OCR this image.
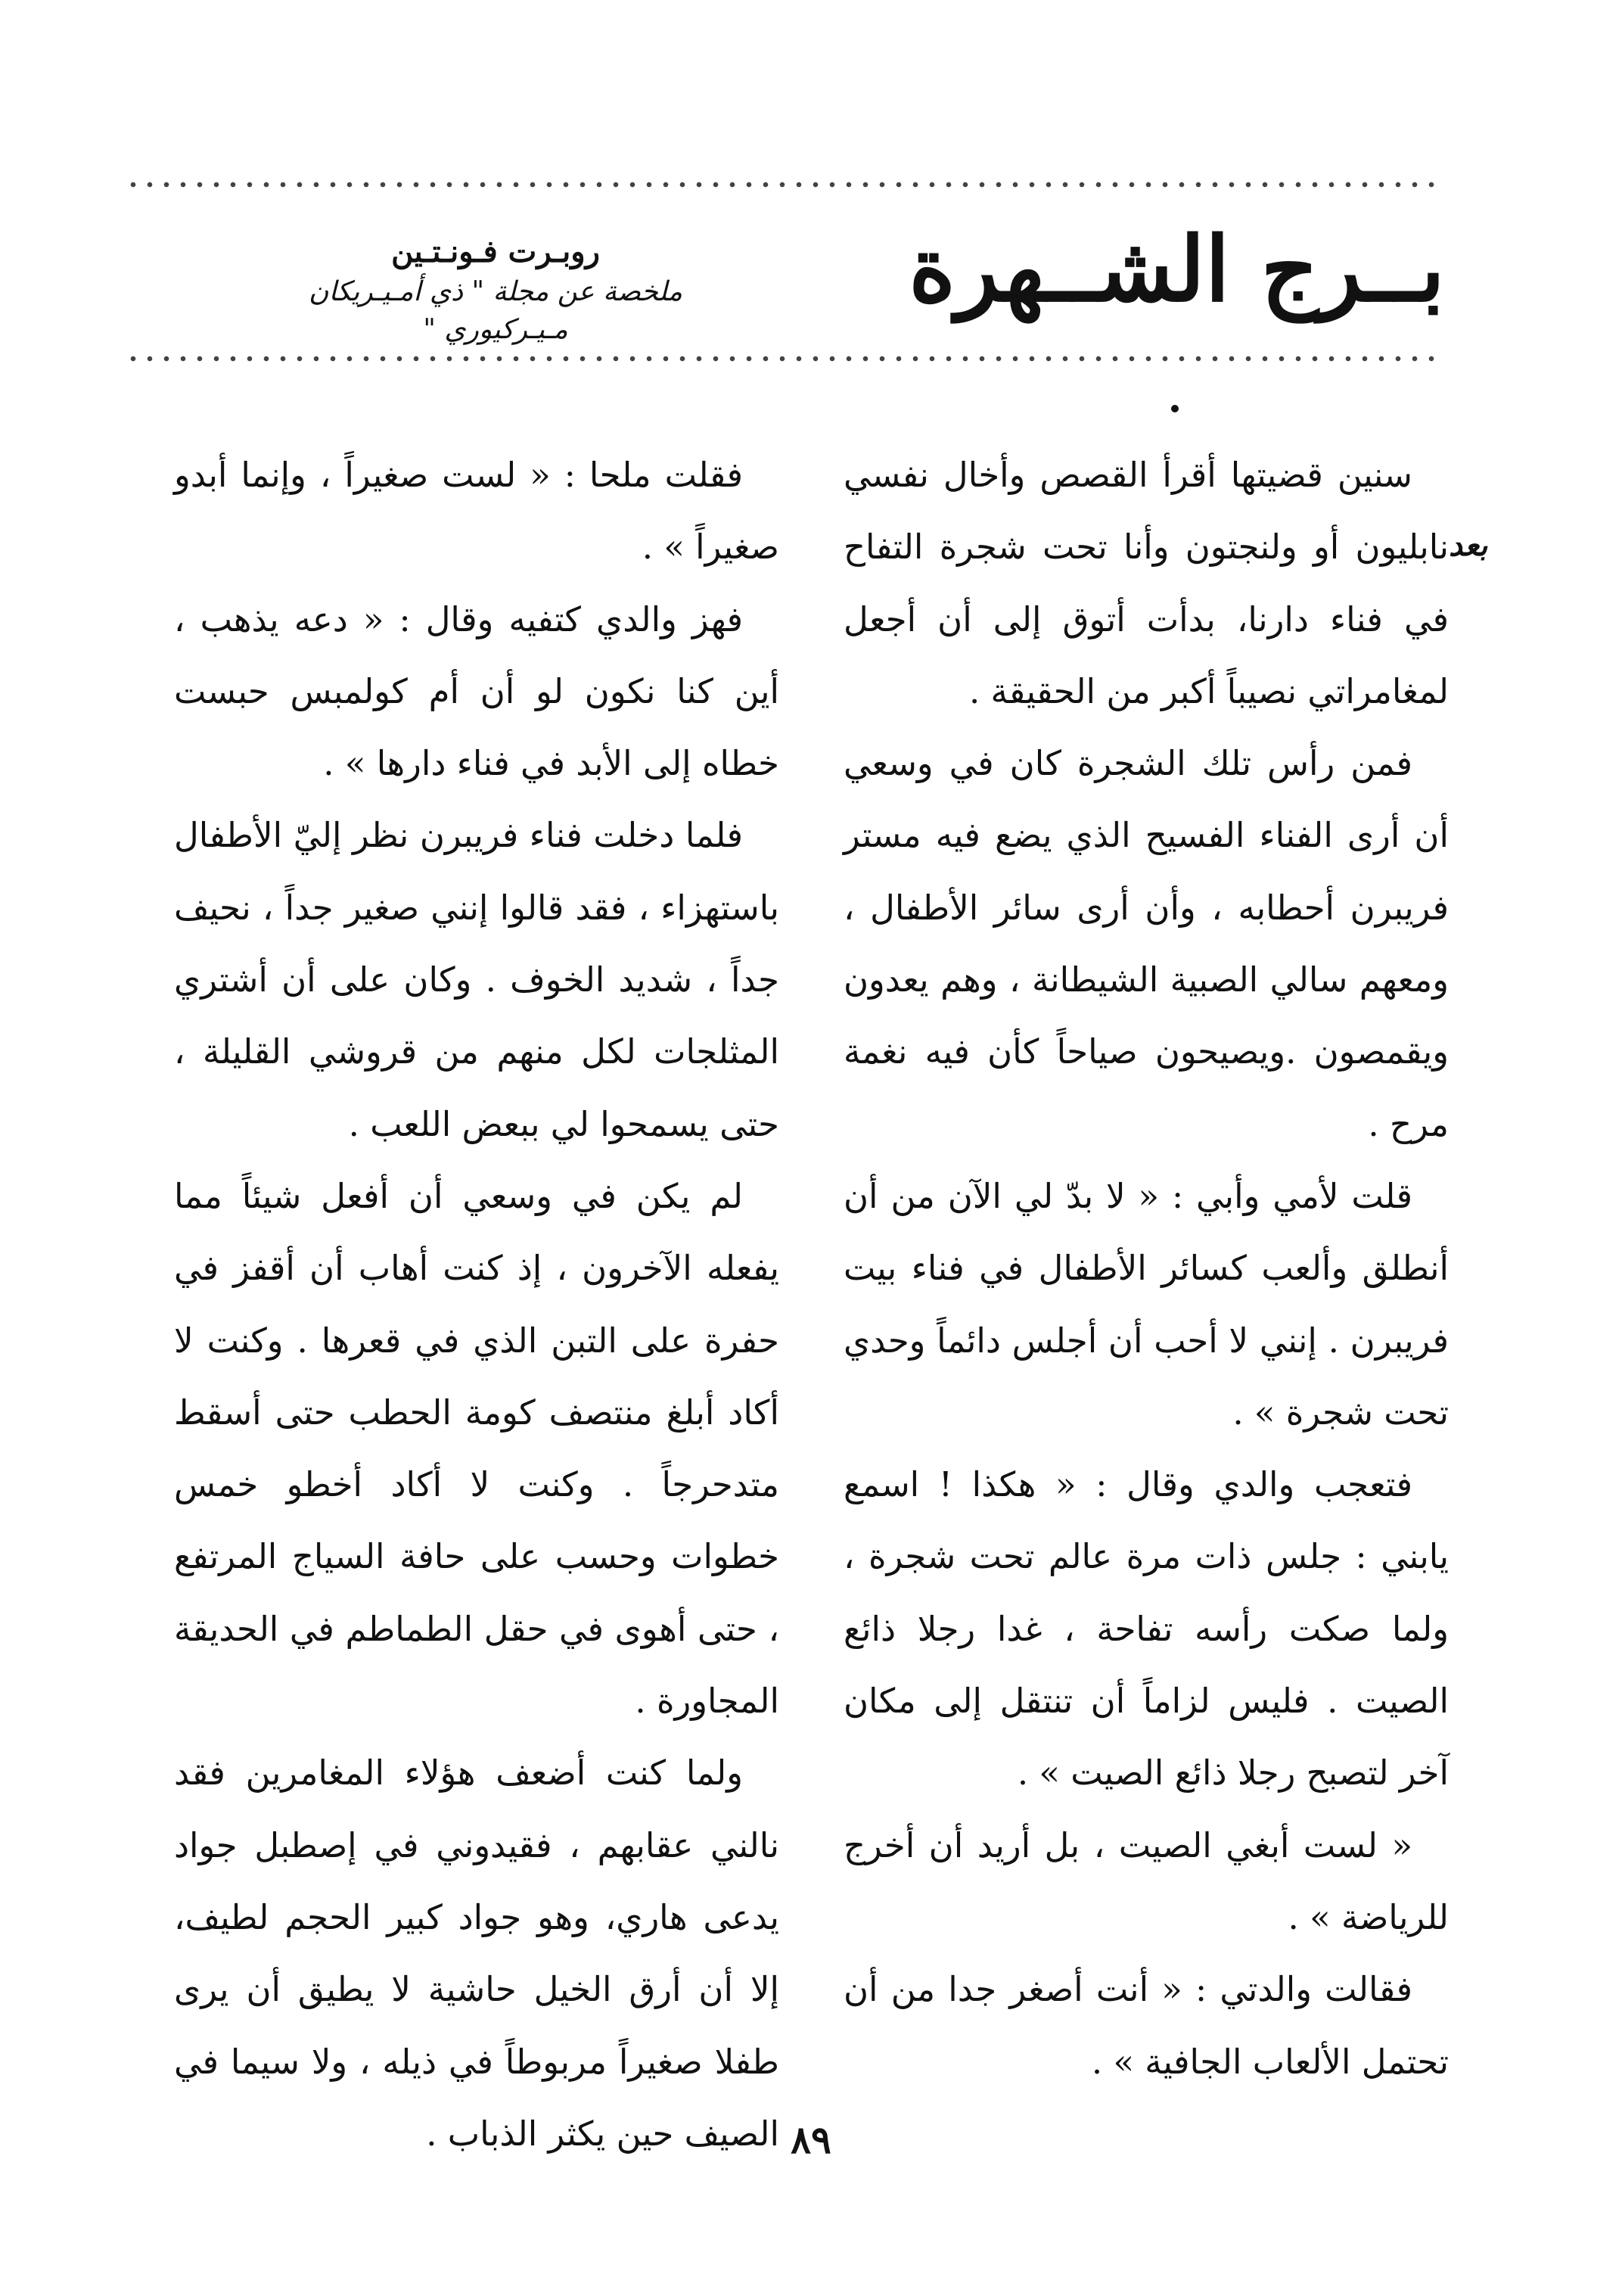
بــرج الشــهرة

روبـرت فـونـتـين

ملخصة عن مجلة " ذي أمـيـريكان مـيـركيوري "

بعد

سنين قضيتها أقرأ القصص وأخال نفسي نابليون أو ولنجتون وأنا تحت شجرة التفاح في فناء دارنا، بدأت أتوق إلى أن أجعل لمغامراتي نصيباً أكبر من الحقيقة .

فمن رأس تلك الشجرة كان في وسعي أن أرى الفناء الفسيح الذي يضع فيه مستر فريبرن أحطابه ، وأن أرى سائر الأطفال ، ومعهم سالي الصبية الشيطانة ، وهم يعدون ويقمصون .ويصيحون صياحاً كأن فيه نغمة مرح .

قلت لأمي وأبي : « لا بدّ لي الآن من أن أنطلق وألعب كسائر الأطفال في فناء بيت فريبرن . إنني لا أحب أن أجلس دائماً وحدي تحت شجرة » .

فتعجب والدي وقال : « هكذا ! اسمع يابني : جلس ذات مرة عالم تحت شجرة ، ولما صكت رأسه تفاحة ، غدا رجلا ذائع الصيت . فليس لزاماً أن تنتقل إلى مكان آخر لتصبح رجلا ذائع الصيت » .

« لست أبغي الصيت ، بل أريد أن أخرج للرياضة » .

فقالت والدتي : « أنت أصغر جدا من أن تحتمل الألعاب الجافية » .

فقلت ملحا : « لست صغيراً ، وإنما أبدو صغيراً » .

فهز والدي كتفيه وقال : « دعه يذهب ، أين كنا نكون لو أن أم كولمبس حبست خطاه إلى الأبد في فناء دارها » .

فلما دخلت فناء فريبرن نظر إليّ الأطفال باستهزاء ، فقد قالوا إنني صغير جداً ، نحيف جداً ، شديد الخوف . وكان على أن أشتري المثلجات لكل منهم من قروشي القليلة ، حتى يسمحوا لي ببعض اللعب .

لم يكن في وسعي أن أفعل شيئاً مما يفعله الآخرون ، إذ كنت أهاب أن أقفز في حفرة على التبن الذي في قعرها . وكنت لا أكاد أبلغ منتصف كومة الحطب حتى أسقط متدحرجاً . وكنت لا أكاد أخطو خمس خطوات وحسب على حافة السياج المرتفع ، حتى أهوى في حقل الطماطم في الحديقة المجاورة .

ولما كنت أضعف هؤلاء المغامرين فقد نالني عقابهم ، فقيدوني في إصطبل جواد يدعى هاري، وهو جواد كبير الحجم لطيف، إلا أن أرق الخيل حاشية لا يطيق أن يرى طفلا صغيراً مربوطاً في ذيله ، ولا سيما في الصيف حين يكثر الذباب . ٨٩
